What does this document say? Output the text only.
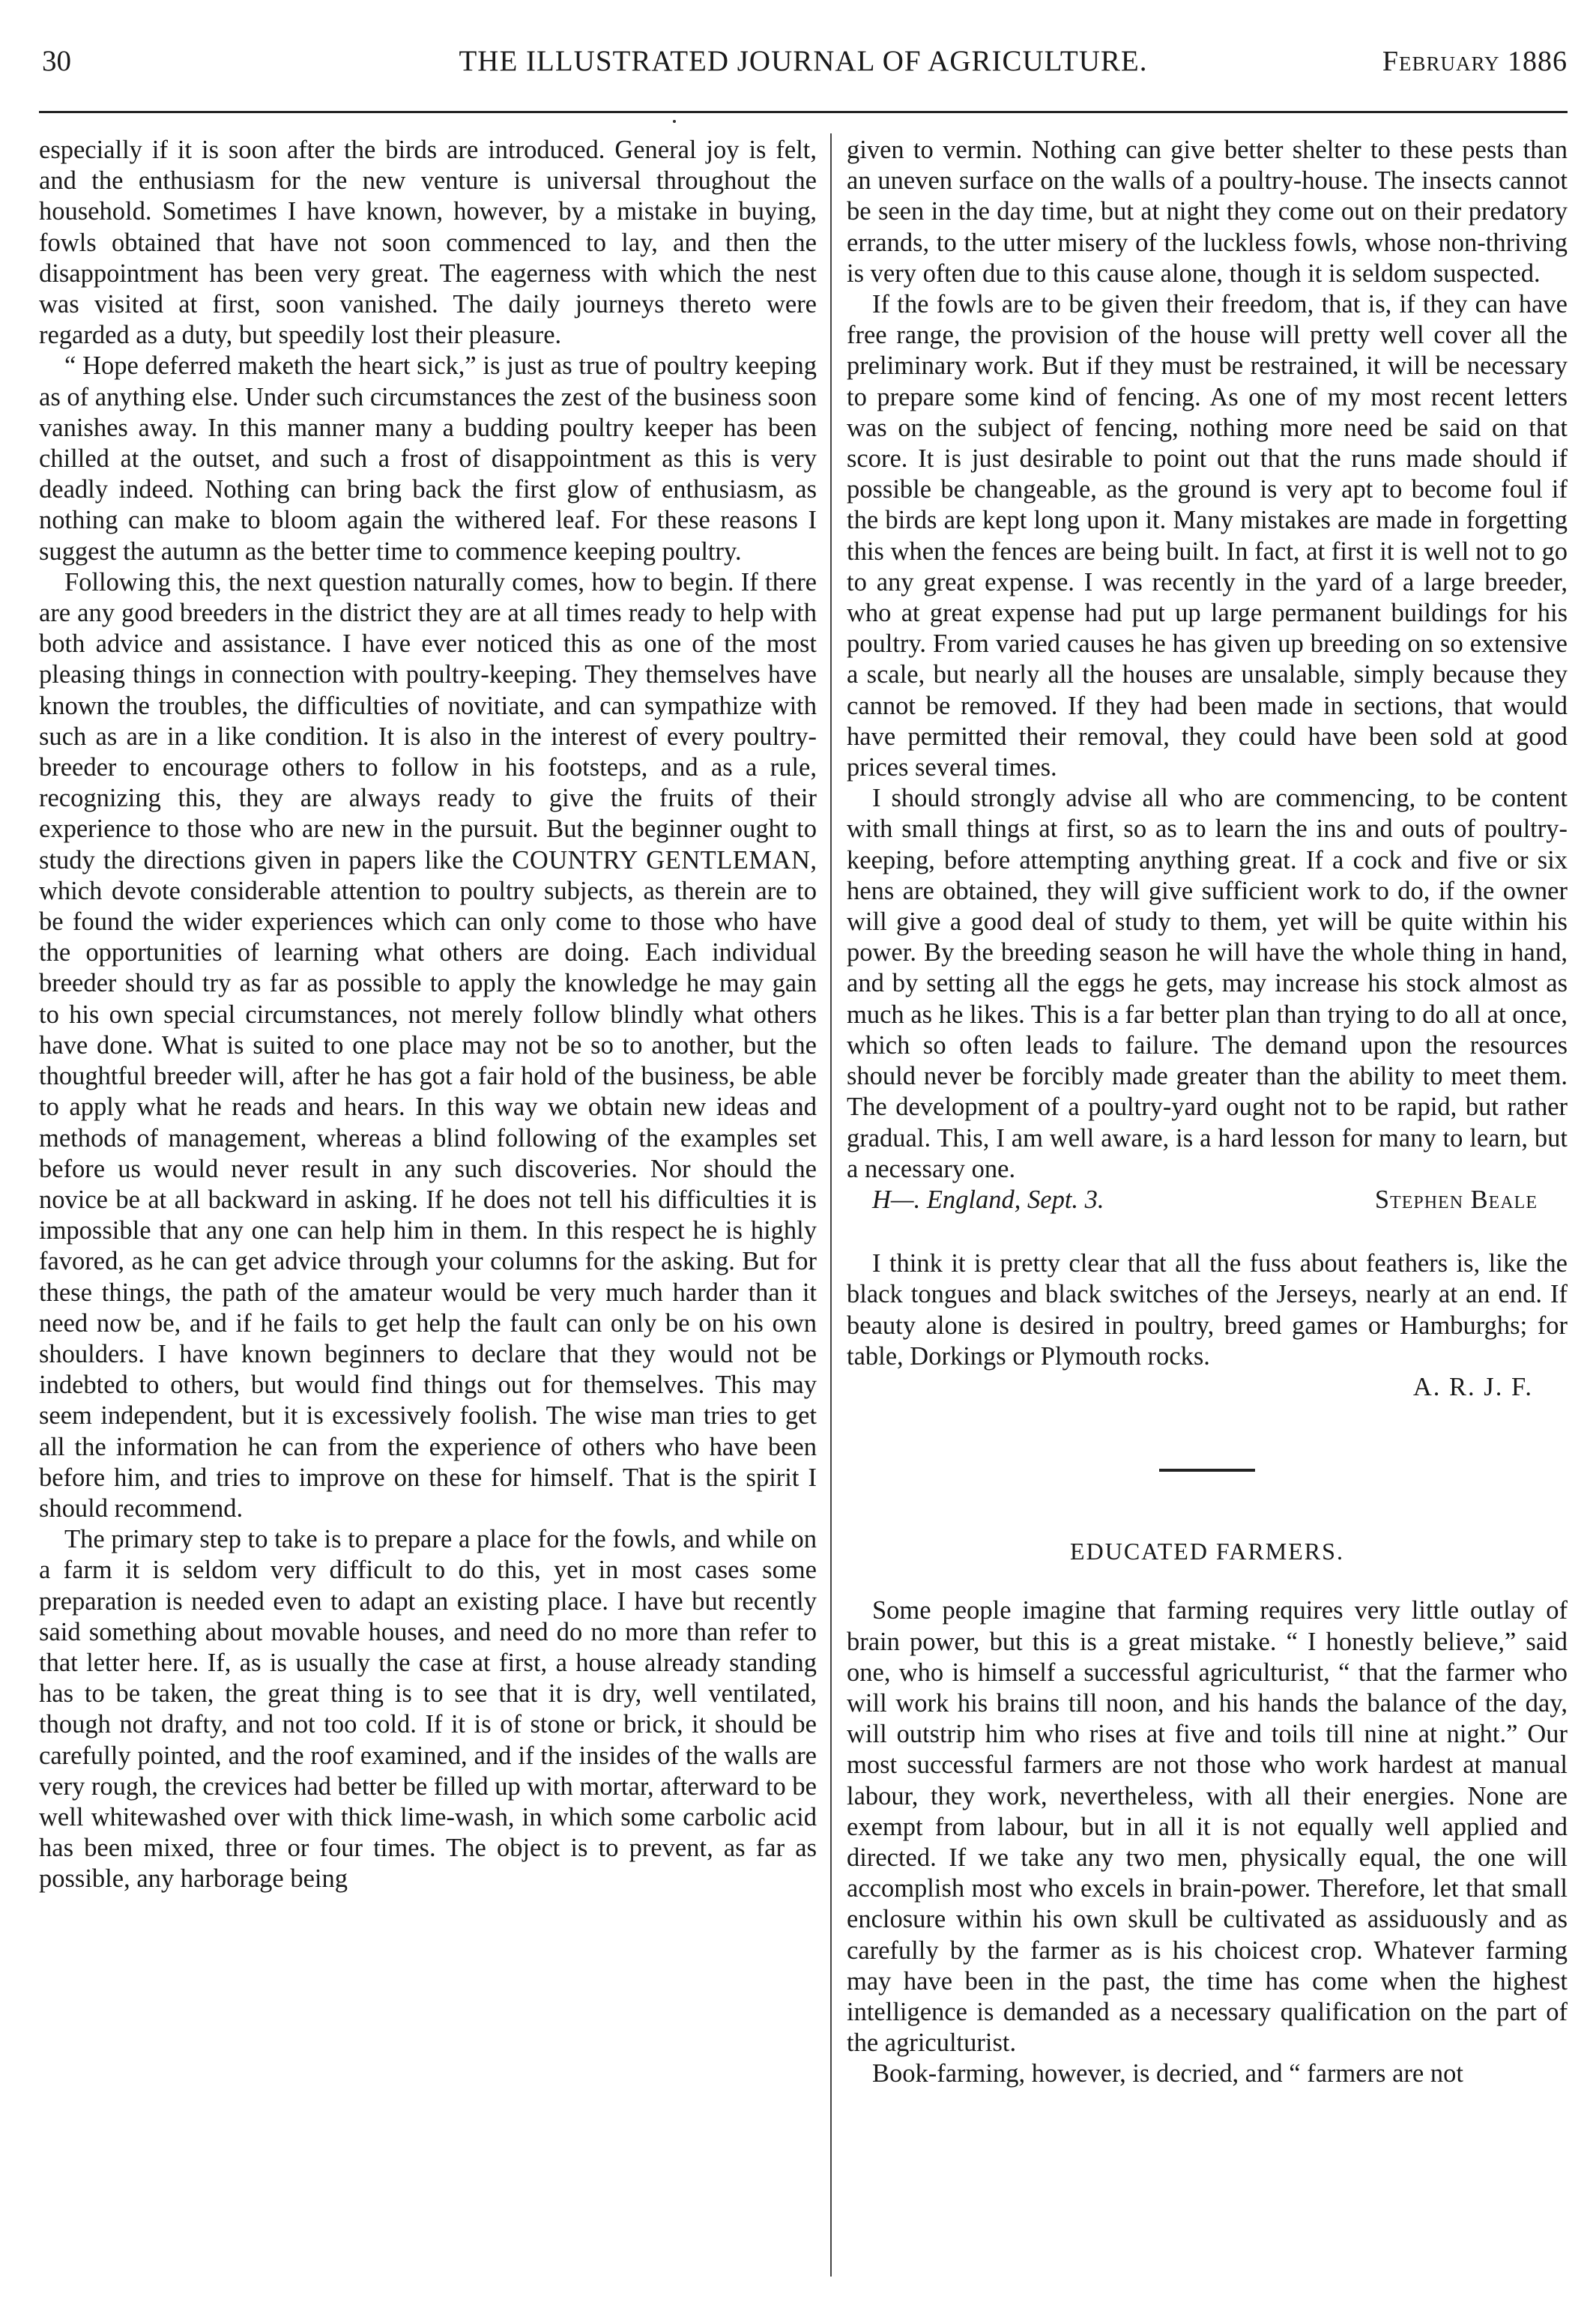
30	THE ILLUSTRATED JOURNAL OF AGRICULTURE.	February 1886

especially if it is soon after the birds are introduced. General joy is felt, and the enthusiasm for the new venture is universal throughout the household. Sometimes I have known, however, by a mistake in buying, fowls obtained that have not soon commenced to lay, and then the disappointment has been very great. The eagerness with which the nest was visited at first, soon vanished. The daily journeys thereto were regarded as a duty, but speedily lost their pleasure.

“ Hope deferred maketh the heart sick,” is just as true of poultry keeping as of anything else. Under such circumstances the zest of the business soon vanishes away. In this manner many a budding poultry keeper has been chilled at the outset, and such a frost of disappointment as this is very deadly indeed. Nothing can bring back the first glow of enthusiasm, as nothing can make to bloom again the withered leaf. For these reasons I suggest the autumn as the better time to commence keeping poultry.

Following this, the next question naturally comes, how to begin. If there are any good breeders in the district they are at all times ready to help with both advice and assistance. I have ever noticed this as one of the most pleasing things in connection with poultry-keeping. They themselves have known the troubles, the difficulties of novitiate, and can sympathize with such as are in a like condition. It is also in the interest of every poultry-breeder to encourage others to follow in his footsteps, and as a rule, recognizing this, they are always ready to give the fruits of their experience to those who are new in the pursuit. But the beginner ought to study the directions given in papers like the COUNTRY GENTLEMAN, which devote considerable attention to poultry subjects, as therein are to be found the wider experiences which can only come to those who have the opportunities of learning what others are doing. Each individual breeder should try as far as possible to apply the knowledge he may gain to his own special circumstances, not merely follow blindly what others have done. What is suited to one place may not be so to another, but the thoughtful breeder will, after he has got a fair hold of the business, be able to apply what he reads and hears. In this way we obtain new ideas and methods of management, whereas a blind following of the examples set before us would never result in any such discoveries. Nor should the novice be at all backward in asking. If he does not tell his difficulties it is impossible that any one can help him in them. In this respect he is highly favored, as he can get advice through your columns for the asking. But for these things, the path of the amateur would be very much harder than it need now be, and if he fails to get help the fault can only be on his own shoulders. I have known beginners to declare that they would not be indebted to others, but would find things out for themselves. This may seem independent, but it is excessively foolish. The wise man tries to get all the information he can from the experience of others who have been before him, and tries to improve on these for himself. That is the spirit I should recommend.

The primary step to take is to prepare a place for the fowls, and while on a farm it is seldom very difficult to do this, yet in most cases some preparation is needed even to adapt an existing place. I have but recently said something about movable houses, and need do no more than refer to that letter here. If, as is usually the case at first, a house already standing has to be taken, the great thing is to see that it is dry, well ventilated, though not drafty, and not too cold. If it is of stone or brick, it should be carefully pointed, and the roof examined, and if the insides of the walls are very rough, the crevices had better be filled up with mortar, afterward to be well whitewashed over with thick lime-wash, in which some carbolic acid has been mixed, three or four times. The object is to prevent, as far as possible, any harborage being

given to vermin. Nothing can give better shelter to these pests than an uneven surface on the walls of a poultry-house. The insects cannot be seen in the day time, but at night they come out on their predatory errands, to the utter misery of the luckless fowls, whose non-thriving is very often due to this cause alone, though it is seldom suspected.

If the fowls are to be given their freedom, that is, if they can have free range, the provision of the house will pretty well cover all the preliminary work. But if they must be restrained, it will be necessary to prepare some kind of fencing. As one of my most recent letters was on the subject of fencing, nothing more need be said on that score. It is just desirable to point out that the runs made should if possible be changeable, as the ground is very apt to become foul if the birds are kept long upon it. Many mistakes are made in forgetting this when the fences are being built. In fact, at first it is well not to go to any great expense. I was recently in the yard of a large breeder, who at great expense had put up large permanent buildings for his poultry. From varied causes he has given up breeding on so extensive a scale, but nearly all the houses are unsalable, simply because they cannot be removed. If they had been made in sections, that would have permitted their removal, they could have been sold at good prices several times.

I should strongly advise all who are commencing, to be content with small things at first, so as to learn the ins and outs of poultry-keeping, before attempting anything great. If a cock and five or six hens are obtained, they will give sufficient work to do, if the owner will give a good deal of study to them, yet will be quite within his power. By the breeding season he will have the whole thing in hand, and by setting all the eggs he gets, may increase his stock almost as much as he likes. This is a far better plan than trying to do all at once, which so often leads to failure. The demand upon the resources should never be forcibly made greater than the ability to meet them. The development of a poultry-yard ought not to be rapid, but rather gradual. This, I am well aware, is a hard lesson for many to learn, but a necessary one.

H—. England, Sept. 3.	Stephen Beale

I think it is pretty clear that all the fuss about feathers is, like the black tongues and black switches of the Jerseys, nearly at an end. If beauty alone is desired in poultry, breed games or Hamburghs; for table, Dorkings or Plymouth rocks.

A. R. J. F.
EDUCATED FARMERS.

Some people imagine that farming requires very little outlay of brain power, but this is a great mistake. “ I honestly believe,” said one, who is himself a successful agriculturist, “ that the farmer who will work his brains till noon, and his hands the balance of the day, will outstrip him who rises at five and toils till nine at night.” Our most successful farmers are not those who work hardest at manual labour, they work, nevertheless, with all their energies. None are exempt from labour, but in all it is not equally well applied and directed. If we take any two men, physically equal, the one will accomplish most who excels in brain-power. Therefore, let that small enclosure within his own skull be cultivated as assiduously and as carefully by the farmer as is his choicest crop. Whatever farming may have been in the past, the time has come when the highest intelligence is demanded as a necessary qualification on the part of the agriculturist.

Book-farming, however, is decried, and “ farmers are not
